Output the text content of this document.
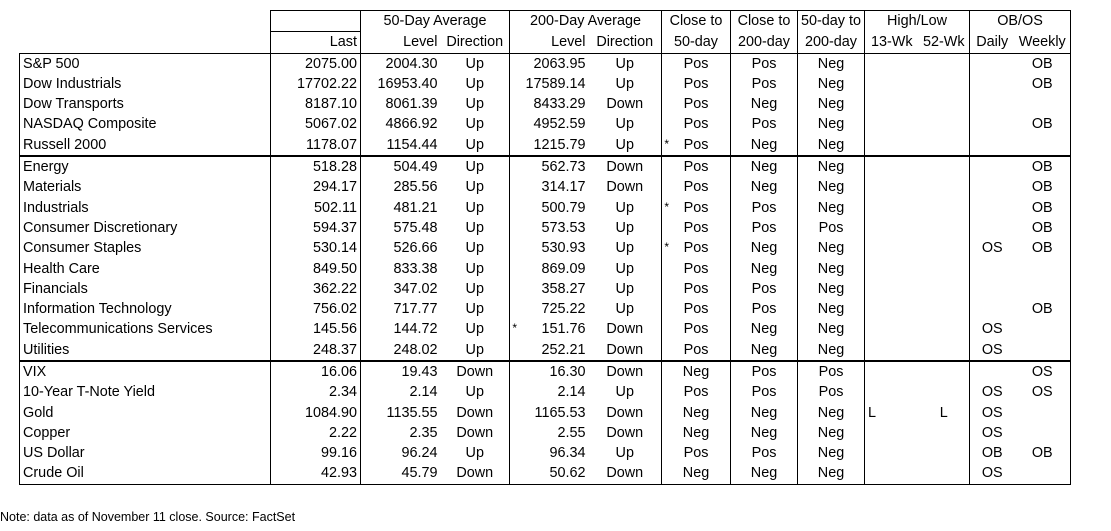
		50-Day Average		200-Day Average		Close to	Close to	50-day to	High/Low		OB/OS	
	Last	Level	Direction	Level	Direction	50-day	200-day	200-day	13-Wk	52-Wk	Daily	Weekly
S&P 500	2075.00	2004.30	Up	2063.95	Up	Pos	Pos	Neg				OB
Dow Industrials	17702.22	16953.40	Up	17589.14	Up	Pos	Pos	Neg				OB
Dow Transports	8187.10	8061.39	Up	8433.29	Down	Pos	Neg	Neg				
NASDAQ Composite	5067.02	4866.92	Up	4952.59	Up	Pos	Pos	Neg				OB
Russell 2000	1178.07	1154.44	Up	1215.79	Up *	Pos	Neg	Neg				
Energy	518.28	504.49	Up	562.73	Down	Pos	Neg	Neg				OB
Materials	294.17	285.56	Up	314.17	Down	Pos	Neg	Neg				OB
Industrials	502.11	481.21	Up	500.79	Up *	Pos	Pos	Neg				OB
Consumer Discretionary	594.37	575.48	Up	573.53	Up	Pos	Pos	Pos				OB
Consumer Staples	530.14	526.66	Up	530.93	Up *	Pos	Neg	Neg			OS	OB
Health Care	849.50	833.38	Up	869.09	Up	Pos	Neg	Neg				
Financials	362.22	347.02	Up	358.27	Up	Pos	Pos	Neg				
Information Technology	756.02	717.77	Up	725.22	Up	Pos	Pos	Neg				OB
Telecommunications Services	145.56	144.72	Up *	151.76	Down	Pos	Neg	Neg			OS	
Utilities	248.37	248.02	Up	252.21	Down	Pos	Neg	Neg			OS	
VIX	16.06	19.43	Down	16.30	Down	Neg	Pos	Pos				OS
10-Year T-Note Yield	2.34	2.14	Up	2.14	Up	Pos	Pos	Pos			OS	OS
Gold	1084.90	1135.55	Down	1165.53	Down	Neg	Neg	Neg	L	L	OS	
Copper	2.22	2.35	Down	2.55	Down	Neg	Neg	Neg			OS	
US Dollar	99.16	96.24	Up	96.34	Up	Pos	Pos	Neg			OB	OB
Crude Oil	42.93	45.79	Down	50.62	Down	Neg	Neg	Neg			OS	
Note: data as of November 11 close. Source: FactSet
